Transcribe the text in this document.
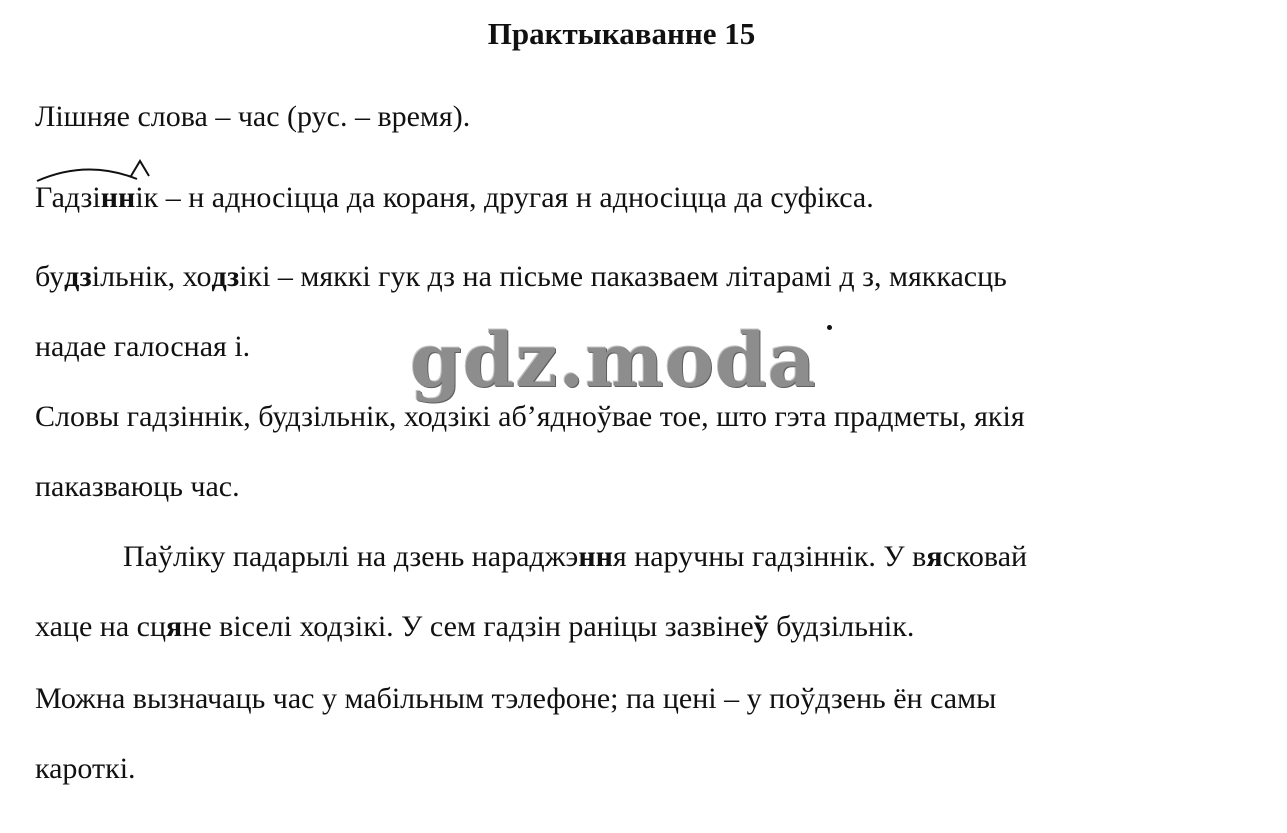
Практыкаванне 15

Лішняе слова – час (рус. – время).

Гадзіннік – н адносіцца да кораня, другая н адносіцца да суфікса.

будзільнік, ходзікі – мяккі гук дз на пісьме паказваем літарамі д з, мяккасць
надае галосная і.

Словы гадзіннік, будзільнік, ходзікі аб’ядноўвае тое, што гэта прадметы, якія
паказваюць час.

Паўліку падарылі на дзень нараджэння наручны гадзіннік. У вясковай
хаце на сцяне віселі ходзікі. У сем гадзін раніцы зазвінеў будзільнік.

Можна вызначаць час у мабільным тэлефоне; па цені – у поўдзень ён самы
кароткі.

gdz.moda
